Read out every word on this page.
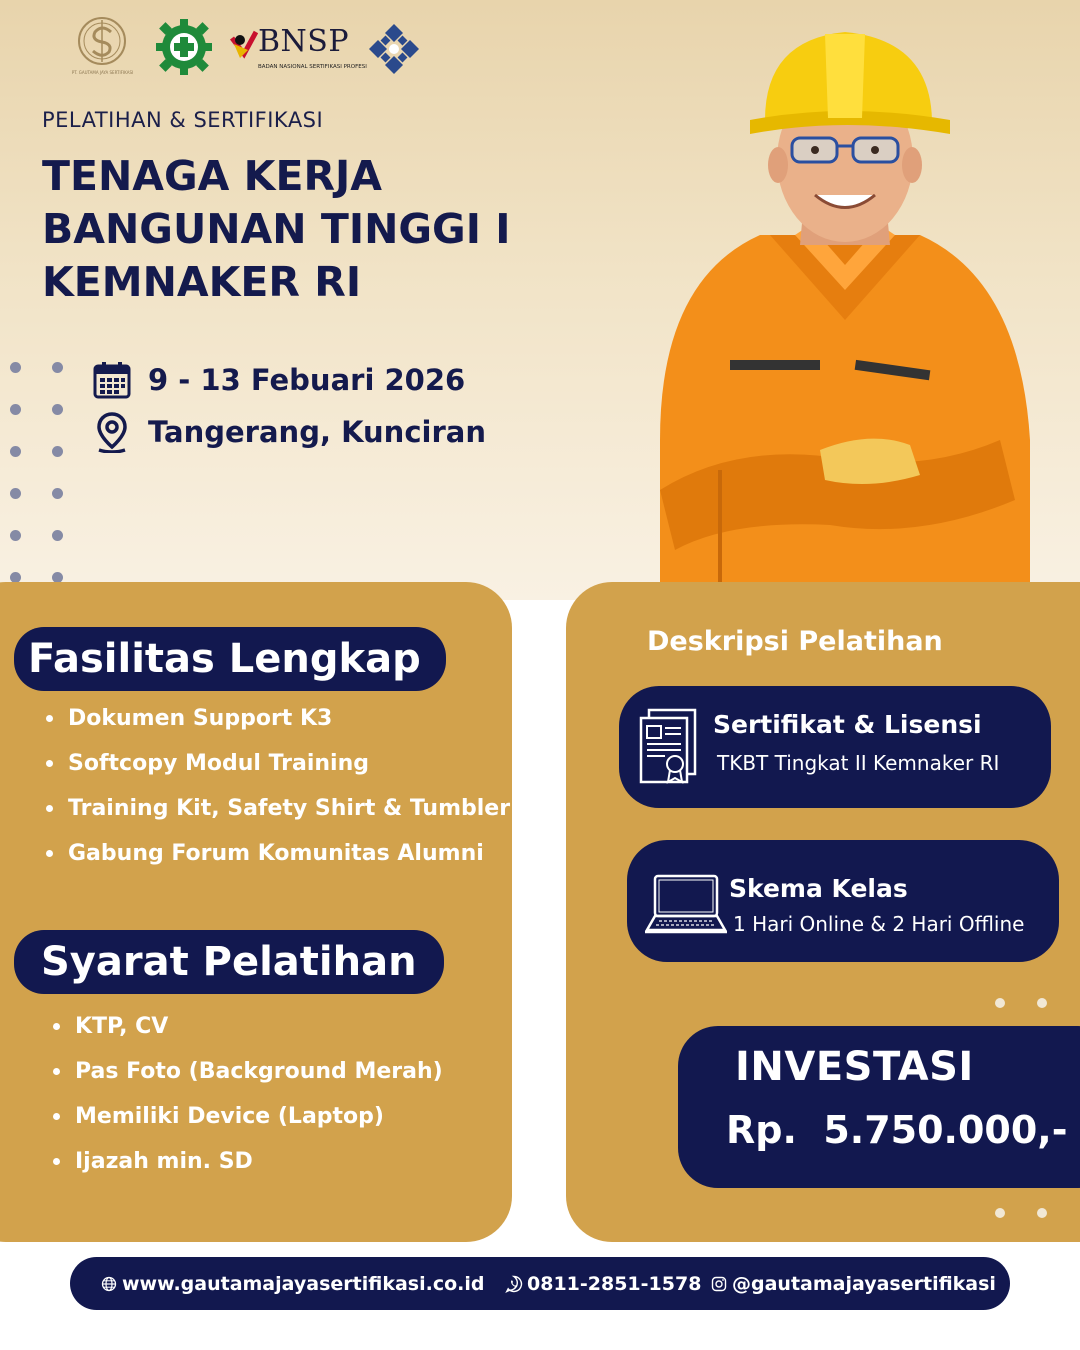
PT. GAUTAMA JAYA SERTIFIKASI
BNSP
BADAN NASIONAL SERTIFIKASI PROFESI
PELATIHAN & SERTIFIKASI
TENAGA KERJA
BANGUNAN TINGGI I
KEMNAKER RI
9 - 13 Febuari 2026
Tangerang, Kunciran
Fasilitas Lengkap
Dokumen Support K3
Softcopy Modul Training
Training Kit, Safety Shirt & Tumbler
Gabung Forum Komunitas Alumni
Syarat Pelatihan
KTP, CV
Pas Foto (Background Merah)
Memiliki Device (Laptop)
Ijazah min. SD
Deskripsi Pelatihan
Sertifikat & Lisensi
TKBT Tingkat II Kemnaker RI
Skema Kelas
1 Hari Online & 2 Hari Offline
INVESTASI
Rp.  5.750.000,-
www.gautamajayasertifikasi.co.id 0811-2851-1578 @gautamajayasertifikasi
